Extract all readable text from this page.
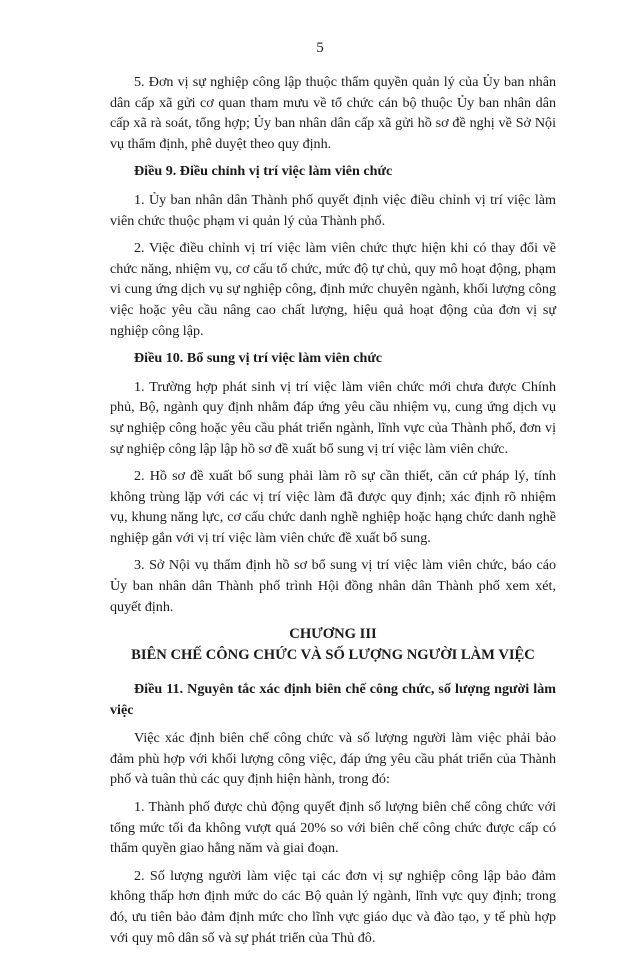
5

5. Đơn vị sự nghiệp công lập thuộc thẩm quyền quản lý của Ủy ban nhân dân cấp xã gửi cơ quan tham mưu về tổ chức cán bộ thuộc Ủy ban nhân dân cấp xã rà soát, tổng hợp; Ủy ban nhân dân cấp xã gửi hồ sơ đề nghị về Sở Nội vụ thẩm định, phê duyệt theo quy định.

Điều 9. Điều chỉnh vị trí việc làm viên chức

1. Ủy ban nhân dân Thành phố quyết định việc điều chỉnh vị trí việc làm viên chức thuộc phạm vi quản lý của Thành phố.

2. Việc điều chỉnh vị trí việc làm viên chức thực hiện khi có thay đổi về chức năng, nhiệm vụ, cơ cấu tổ chức, mức độ tự chủ, quy mô hoạt động, phạm vi cung ứng dịch vụ sự nghiệp công, định mức chuyên ngành, khối lượng công việc hoặc yêu cầu nâng cao chất lượng, hiệu quả hoạt động của đơn vị sự nghiệp công lập.

Điều 10. Bổ sung vị trí việc làm viên chức

1. Trường hợp phát sinh vị trí việc làm viên chức mới chưa được Chính phủ, Bộ, ngành quy định nhằm đáp ứng yêu cầu nhiệm vụ, cung ứng dịch vụ sự nghiệp công hoặc yêu cầu phát triển ngành, lĩnh vực của Thành phố, đơn vị sự nghiệp công lập lập hồ sơ đề xuất bổ sung vị trí việc làm viên chức.

2. Hồ sơ đề xuất bổ sung phải làm rõ sự cần thiết, căn cứ pháp lý, tính không trùng lặp với các vị trí việc làm đã được quy định; xác định rõ nhiệm vụ, khung năng lực, cơ cấu chức danh nghề nghiệp hoặc hạng chức danh nghề nghiệp gắn với vị trí việc làm viên chức đề xuất bổ sung.

3. Sở Nội vụ thẩm định hồ sơ bổ sung vị trí việc làm viên chức, báo cáo Ủy ban nhân dân Thành phố trình Hội đồng nhân dân Thành phố xem xét, quyết định.

CHƯƠNG III
BIÊN CHẾ CÔNG CHỨC VÀ SỐ LƯỢNG NGƯỜI LÀM VIỆC
Điều 11. Nguyên tắc xác định biên chế công chức, số lượng người làm việc

Việc xác định biên chế công chức và số lượng người làm việc phải bảo đảm phù hợp với khối lượng công việc, đáp ứng yêu cầu phát triển của Thành phố và tuân thủ các quy định hiện hành, trong đó:

1. Thành phố được chủ động quyết định số lượng biên chế công chức với tổng mức tối đa không vượt quá 20% so với biên chế công chức được cấp có thẩm quyền giao hằng năm và giai đoạn.

2. Số lượng người làm việc tại các đơn vị sự nghiệp công lập bảo đảm không thấp hơn định mức do các Bộ quản lý ngành, lĩnh vực quy định; trong đó, ưu tiên bảo đảm định mức cho lĩnh vực giáo dục và đào tạo, y tế phù hợp với quy mô dân số và sự phát triển của Thủ đô.
